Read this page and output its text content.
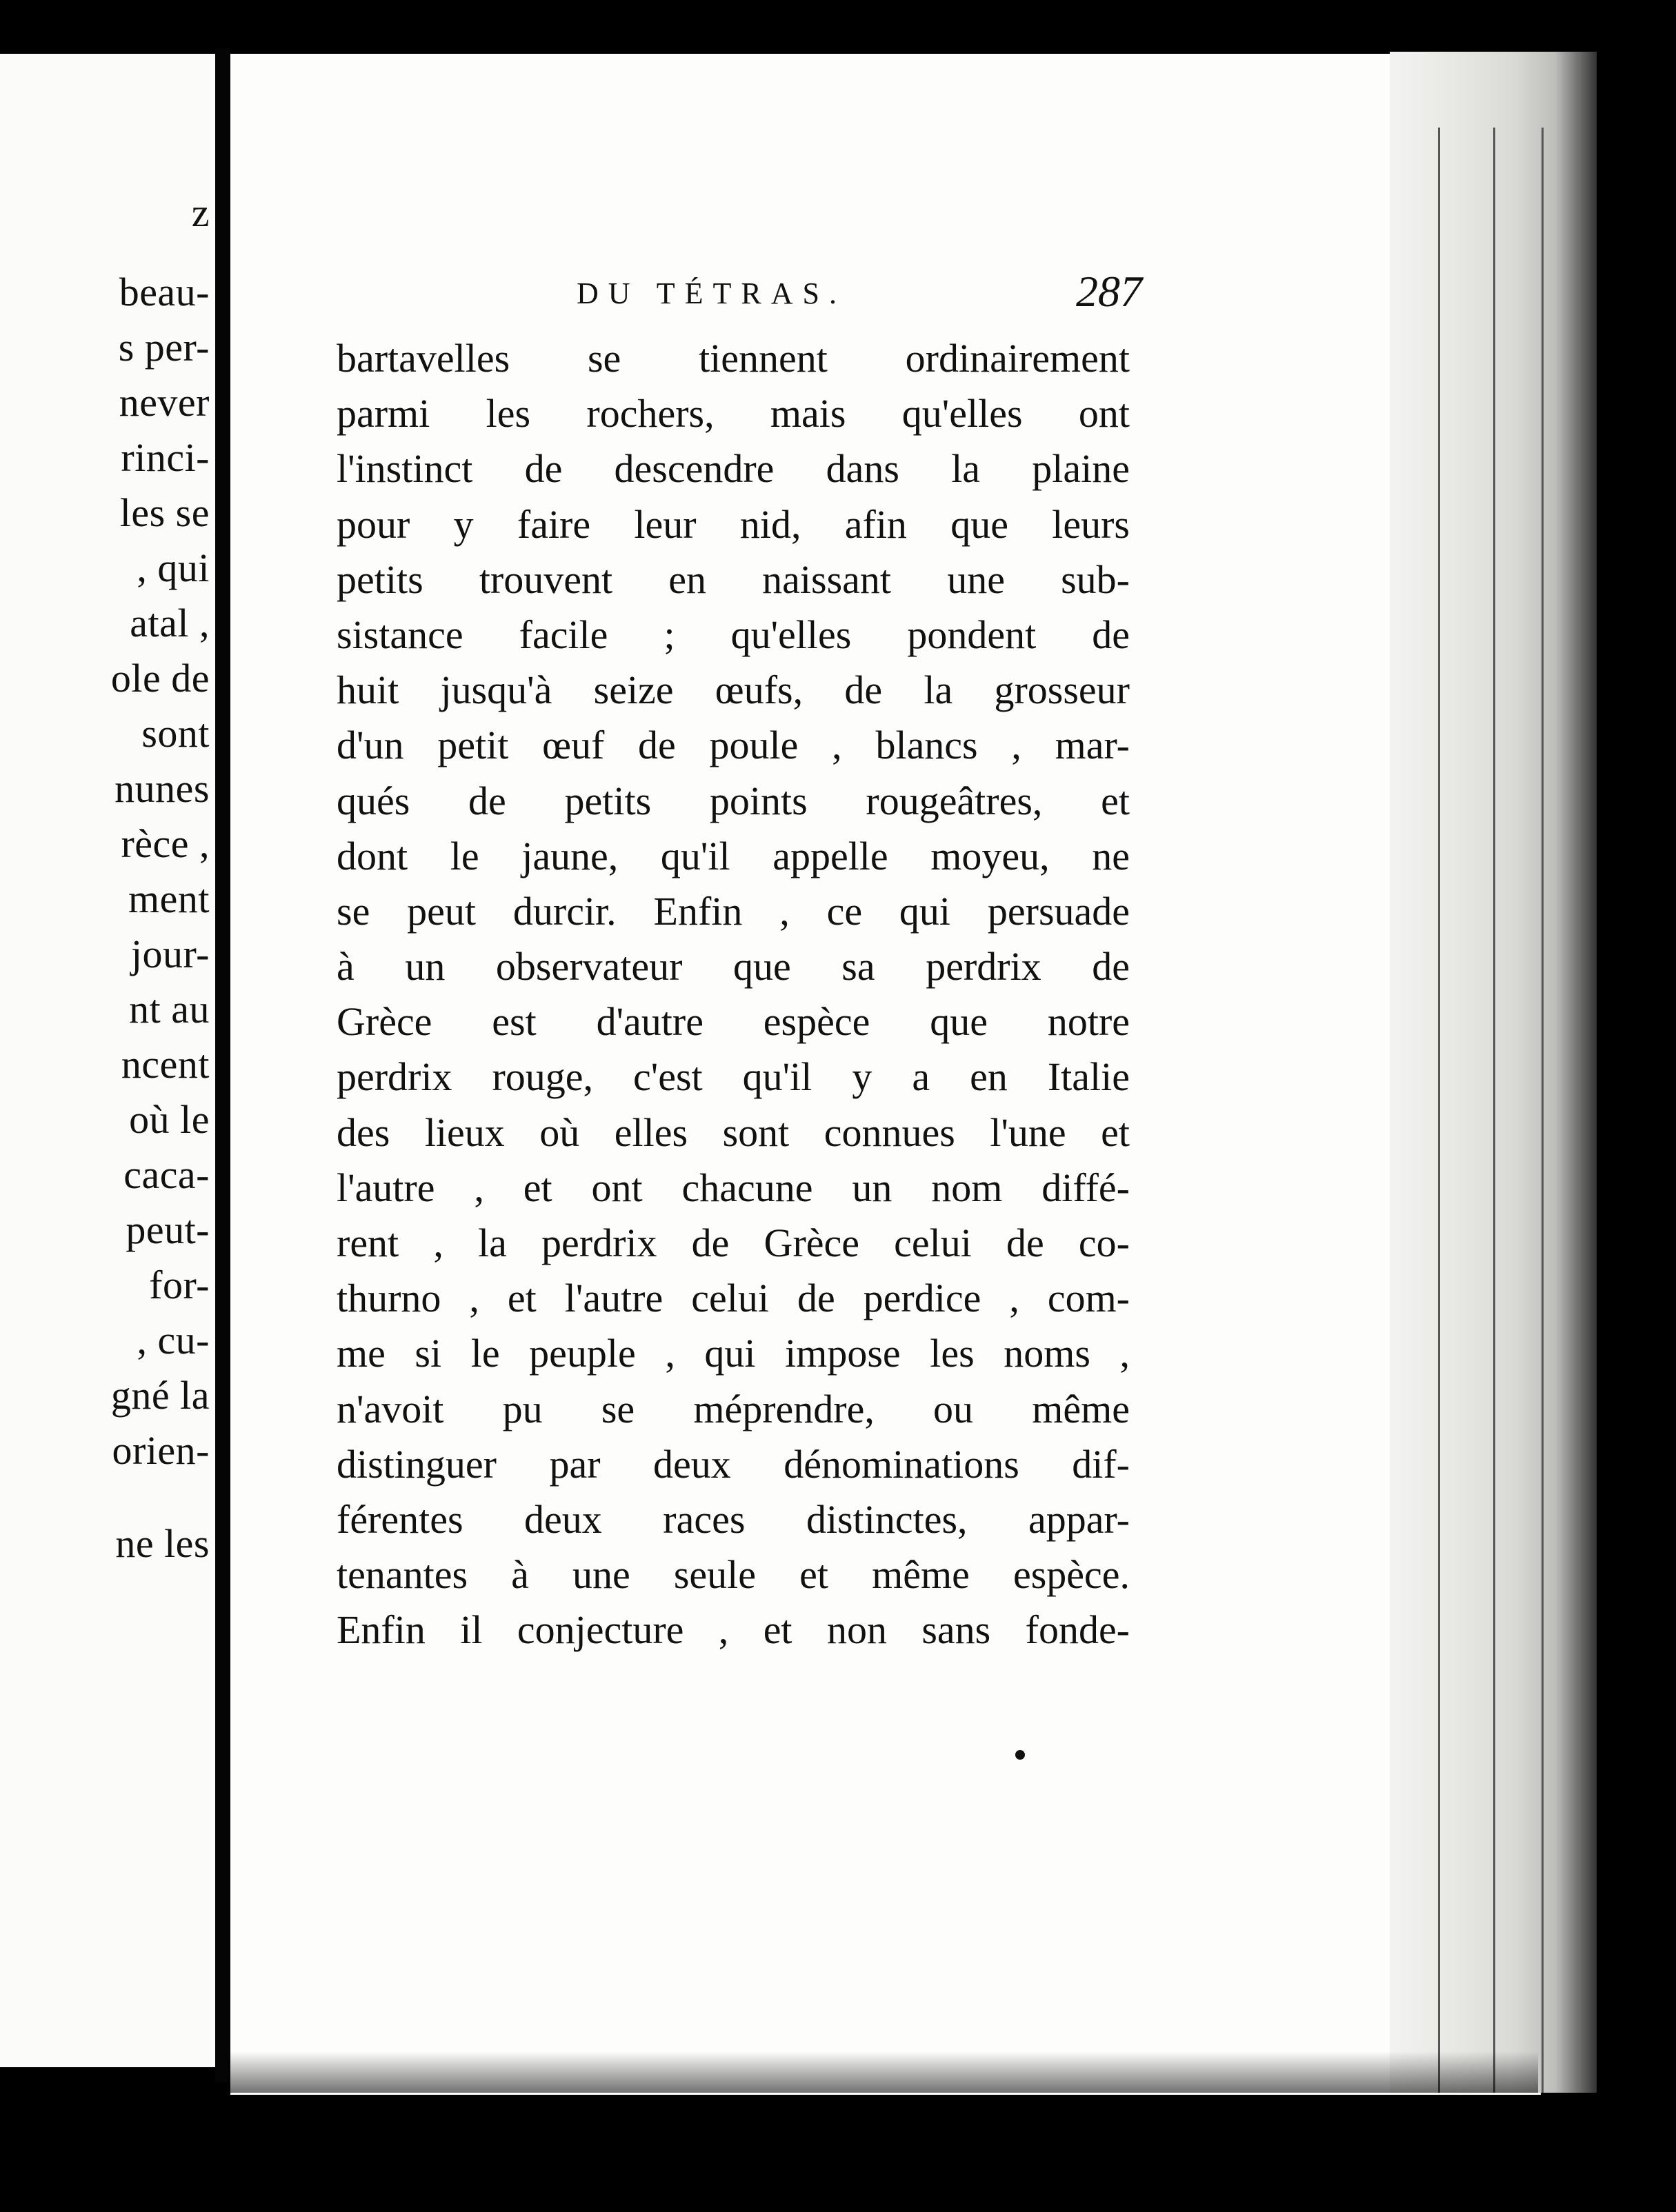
z
beau-
s per-
never
rinci-
les se
, qui
atal ,
ole de
sont
nunes
rèce ,
ment
jour-
nt au
ncent
où le
caca-
peut-
for-
, cu-
gné la
orien-
ne les
DU TÉTRAS.	287
bartavelles se tiennent ordinairement
parmi les rochers, mais qu'elles ont
l'instinct de descendre dans la plaine
pour y faire leur nid, afin que leurs
petits trouvent en naissant une sub-
sistance facile ; qu'elles pondent de
huit jusqu'à seize œufs, de la grosseur
d'un petit œuf de poule , blancs , mar-
qués de petits points rougeâtres, et
dont le jaune, qu'il appelle moyeu, ne
se peut durcir. Enfin , ce qui persuade
à un observateur que sa perdrix de
Grèce est d'autre espèce que notre
perdrix rouge, c'est qu'il y a en Italie
des lieux où elles sont connues l'une et
l'autre , et ont chacune un nom diffé-
rent , la perdrix de Grèce celui de co-
thurno , et l'autre celui de perdice , com-
me si le peuple , qui impose les noms ,
n'avoit pu se méprendre, ou même
distinguer par deux dénominations dif-
férentes deux races distinctes, appar-
tenantes à une seule et même espèce.
Enfin il conjecture , et non sans fonde-
